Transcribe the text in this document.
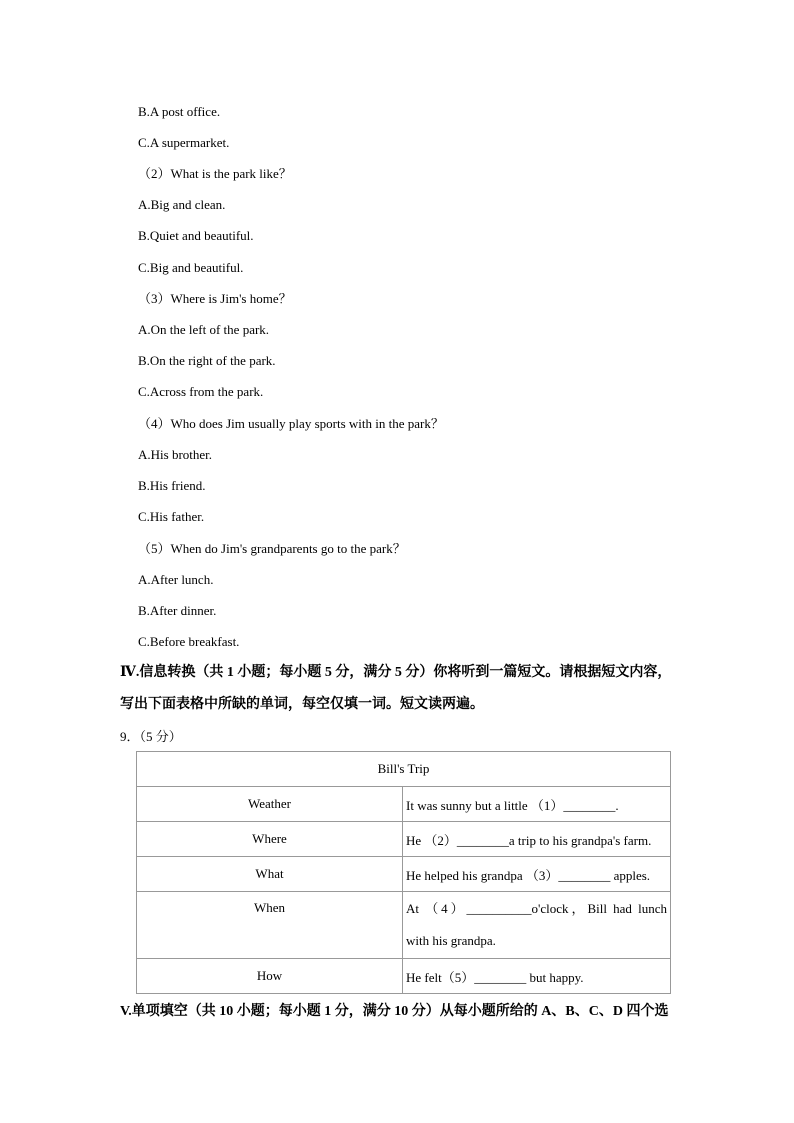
B.A post office.
C.A supermarket.
（2）What is the park like？
A.Big and clean.
B.Quiet and beautiful.
C.Big and beautiful.
（3）Where is Jim's home？
A.On the left of the park.
B.On the right of the park.
C.Across from the park.
（4）Who does Jim usually play sports with in the park？
A.His brother.
B.His friend.
C.His father.
（5）When do Jim's grandparents go to the park？
A.After lunch.
B.After dinner.
C.Before breakfast.
Ⅳ.信息转换（共 1 小题；每小题 5 分，满分 5 分）你将听到一篇短文。请根据短文内容，
写出下面表格中所缺的单词，每空仅填一词。短文读两遍。
9．（5 分）
Bill's Trip	
Weather	It was sunny but a little （1）________.
Where	He （2）________a trip to his grandpa's farm.
What	He helped his grandpa （3）________ apples.
When	At （4）__________o'clock，Bill had lunch with his grandpa.
How	He felt（5）________ but happy.
V.单项填空（共 10 小题；每小题 1 分，满分 10 分）从每小题所给的 A、B、C、D 四个选
